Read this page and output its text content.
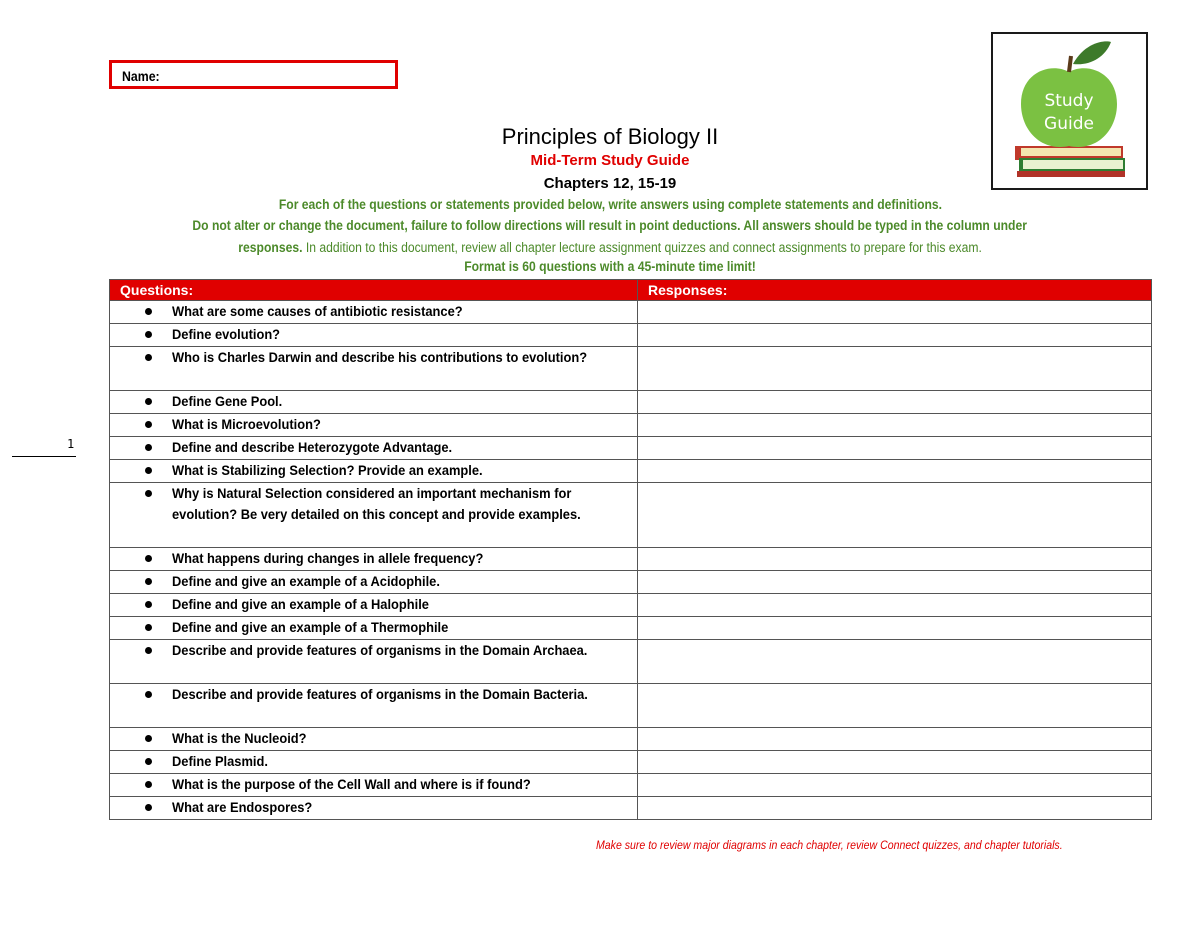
Name:
Study
Guide
Principles of Biology II
Mid-Term Study Guide
Chapters 12, 15-19
For each of the questions or statements provided below, write answers using complete statements and definitions.
Do not alter or change the document, failure to follow directions will result in point deductions. All answers should be typed in the column under
responses. In addition to this document, review all chapter lecture assignment quizzes and connect assignments to prepare for this exam.
Format is 60 questions with a 45-minute time limit!
Questions:	Responses:

What are some causes of antibiotic resistance?	

Define evolution?	

Who is Charles Darwin and describe his contributions to evolution?	

Define Gene Pool.	

What is Microevolution?	

Define and describe Heterozygote Advantage.	

What is Stabilizing Selection? Provide an example.	

Why is Natural Selection considered an important mechanism for evolution? Be very detailed on this concept and provide examples.	

What happens during changes in allele frequency?	

Define and give an example of a Acidophile.	

Define and give an example of a Halophile	

Define and give an example of a Thermophile	

Describe and provide features of organisms in the Domain Archaea.	

Describe and provide features of organisms in the Domain Bacteria.	

What is the Nucleoid?	

Define Plasmid.	

What is the purpose of the Cell Wall and where is if found?	

What are Endospores?	
1
Make sure to review major diagrams in each chapter, review Connect quizzes, and chapter tutorials.
